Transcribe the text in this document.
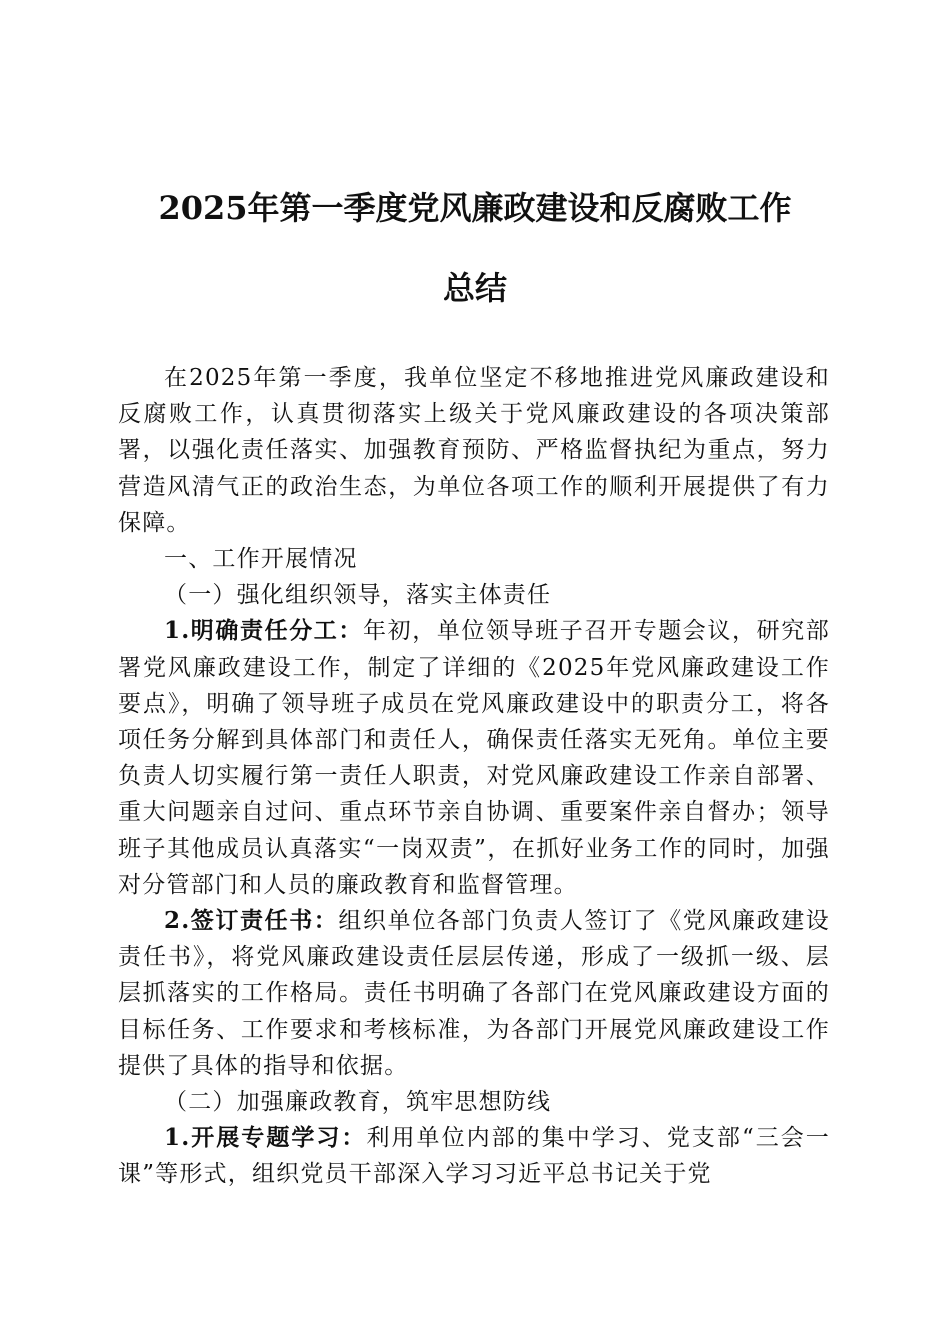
2025年第一季度党风廉政建设和反腐败工作
总结

在2025年第一季度，我单位坚定不移地推进党风廉政建设和反腐败工作，认真贯彻落实上级关于党风廉政建设的各项决策部署，以强化责任落实、加强教育预防、严格监督执纪为重点，努力营造风清气正的政治生态，为单位各项工作的顺利开展提供了有力保障。

一、工作开展情况

（一）强化组织领导，落实主体责任

1.明确责任分工：年初，单位领导班子召开专题会议，研究部署党风廉政建设工作，制定了详细的《2025年党风廉政建设工作要点》，明确了领导班子成员在党风廉政建设中的职责分工，将各项任务分解到具体部门和责任人，确保责任落实无死角。单位主要负责人切实履行第一责任人职责，对党风廉政建设工作亲自部署、重大问题亲自过问、重点环节亲自协调、重要案件亲自督办；领导班子其他成员认真落实“一岗双责”，在抓好业务工作的同时，加强对分管部门和人员的廉政教育和监督管理。

2.签订责任书：组织单位各部门负责人签订了《党风廉政建设责任书》，将党风廉政建设责任层层传递，形成了一级抓一级、层层抓落实的工作格局。责任书明确了各部门在党风廉政建设方面的目标任务、工作要求和考核标准，为各部门开展党风廉政建设工作提供了具体的指导和依据。

（二）加强廉政教育，筑牢思想防线

1.开展专题学习：利用单位内部的集中学习、党支部“三会一课”等形式，组织党员干部深入学习习近平总书记关于党
